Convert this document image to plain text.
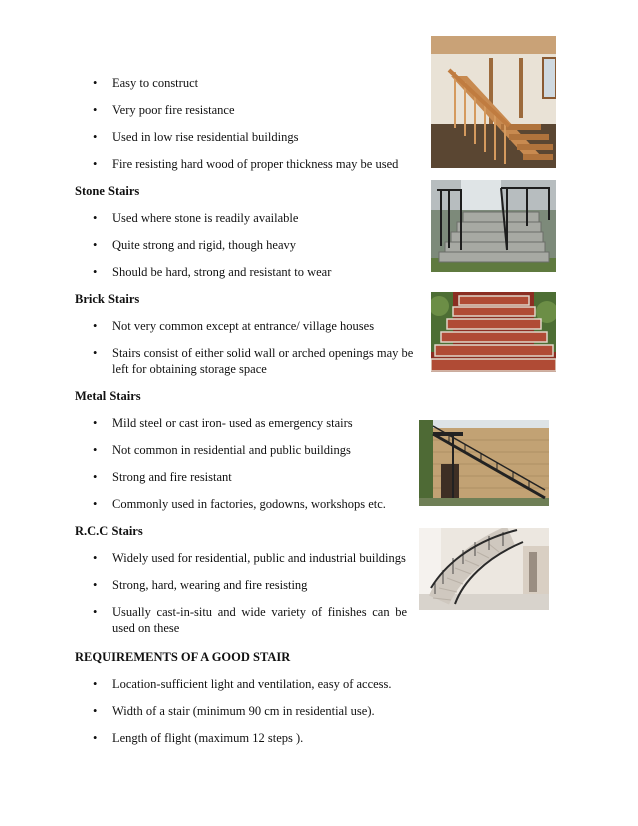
• Easy to construct
• Very poor fire resistance
• Used in low rise residential buildings
• Fire resisting hard wood of proper thickness may be used
Stone Stairs
• Used where stone is readily available
• Quite strong and rigid, though heavy
• Should be hard, strong and resistant to wear
Brick Stairs
• Not very common except at entrance/ village houses
• Stairs consist of either solid wall or arched openings may be left for obtaining storage space
Metal Stairs
• Mild steel or cast iron- used as emergency stairs
• Not common in residential and public buildings
• Strong and fire resistant
• Commonly used in factories, godowns, workshops etc.
R.C.C Stairs
• Widely used for residential, public and industrial buildings
• Strong, hard, wearing and fire resisting
• Usually cast-in-situ and wide variety of finishes can be used on these
REQUIREMENTS OF A GOOD STAIR
• Location-sufficient light and ventilation, easy of access.
• Width of a stair (minimum 90 cm in residential use).
• Length of flight (maximum 12 steps ).
